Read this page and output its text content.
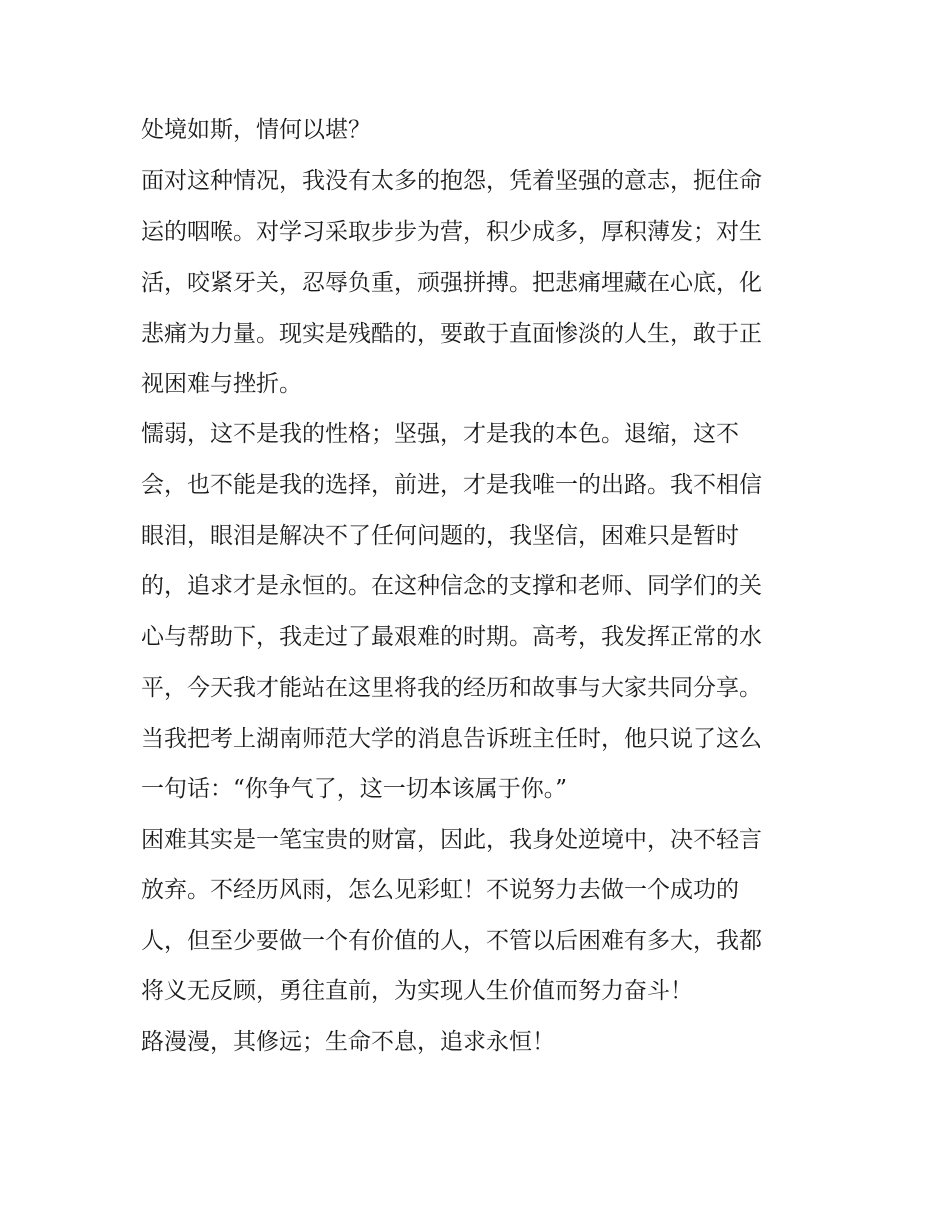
处境如斯，情何以堪？
面对这种情况，我没有太多的抱怨，凭着坚强的意志，扼住命
运的咽喉。对学习采取步步为营，积少成多，厚积薄发；对生
活，咬紧牙关，忍辱负重，顽强拼搏。把悲痛埋藏在心底，化
悲痛为力量。现实是残酷的，要敢于直面惨淡的人生，敢于正
视困难与挫折。
懦弱，这不是我的性格；坚强，才是我的本色。退缩，这不
会，也不能是我的选择，前进，才是我唯一的出路。我不相信
眼泪，眼泪是解决不了任何问题的，我坚信，困难只是暂时
的，追求才是永恒的。在这种信念的支撑和老师、同学们的关
心与帮助下，我走过了最艰难的时期。高考，我发挥正常的水
平，今天我才能站在这里将我的经历和故事与大家共同分享。
当我把考上湖南师范大学的消息告诉班主任时，他只说了这么
一句话：“你争气了，这一切本该属于你。”
困难其实是一笔宝贵的财富，因此，我身处逆境中，决不轻言
放弃。不经历风雨，怎么见彩虹！不说努力去做一个成功的
人，但至少要做一个有价值的人，不管以后困难有多大，我都
将义无反顾，勇往直前，为实现人生价值而努力奋斗！
路漫漫，其修远；生命不息，追求永恒！
